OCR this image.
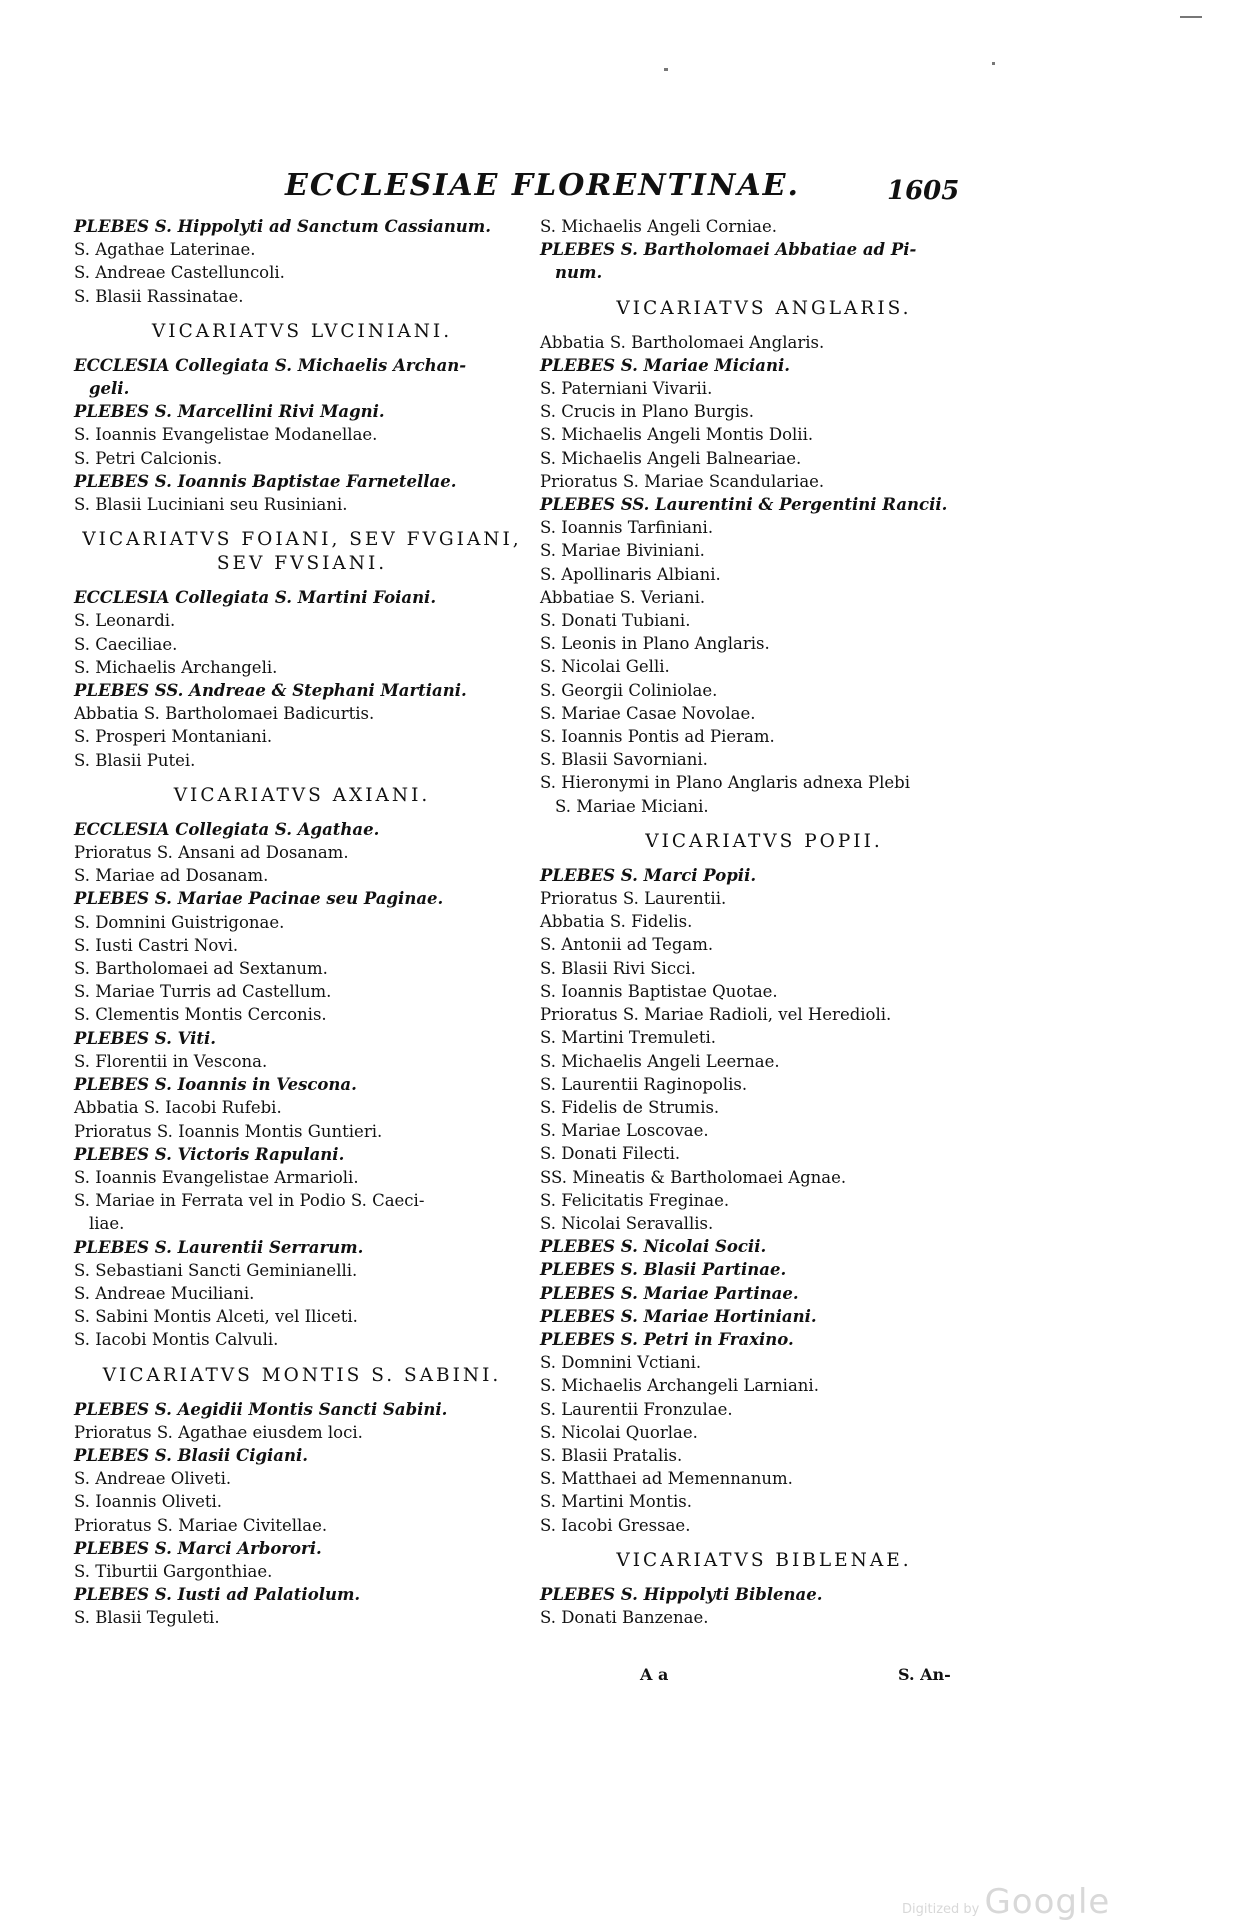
ECCLESIAE FLORENTINAE.	1605
PLEBES S. Hippolyti ad Sanctum Cassianum.
S. Agathae Laterinae.
S. Andreae Castelluncoli.
S. Blasii Rassinatae.
VICARIATVS LVCINIANI.
ECCLESIA Collegiata S. Michaelis Archan-
geli.
PLEBES S. Marcellini Rivi Magni.
S. Ioannis Evangelistae Modanellae.
S. Petri Calcionis.
PLEBES S. Ioannis Baptistae Farnetellae.
S. Blasii Luciniani seu Rusiniani.
VICARIATVS FOIANI, SEV FVGIANI,
SEV FVSIANI.
ECCLESIA Collegiata S. Martini Foiani.
S. Leonardi.
S. Caeciliae.
S. Michaelis Archangeli.
PLEBES SS. Andreae & Stephani Martiani.
Abbatia S. Bartholomaei Badicurtis.
S. Prosperi Montaniani.
S. Blasii Putei.
VICARIATVS AXIANI.
ECCLESIA Collegiata S. Agathae.
Prioratus S. Ansani ad Dosanam.
S. Mariae ad Dosanam.
PLEBES S. Mariae Pacinae seu Paginae.
S. Domnini Guistrigonae.
S. Iusti Castri Novi.
S. Bartholomaei ad Sextanum.
S. Mariae Turris ad Castellum.
S. Clementis Montis Cerconis.
PLEBES S. Viti.
S. Florentii in Vescona.
PLEBES S. Ioannis in Vescona.
Abbatia S. Iacobi Rufebi.
Prioratus S. Ioannis Montis Guntieri.
PLEBES S. Victoris Rapulani.
S. Ioannis Evangelistae Armarioli.
S. Mariae in Ferrata vel in Podio S. Caeci-
liae.
PLEBES S. Laurentii Serrarum.
S. Sebastiani Sancti Geminianelli.
S. Andreae Muciliani.
S. Sabini Montis Alceti, vel Iliceti.
S. Iacobi Montis Calvuli.
VICARIATVS MONTIS S. SABINI.
PLEBES S. Aegidii Montis Sancti Sabini.
Prioratus S. Agathae eiusdem loci.
PLEBES S. Blasii Cigiani.
S. Andreae Oliveti.
S. Ioannis Oliveti.
Prioratus S. Mariae Civitellae.
PLEBES S. Marci Arborori.
S. Tiburtii Gargonthiae.
PLEBES S. Iusti ad Palatiolum.
S. Blasii Teguleti.
S. Michaelis Angeli Corniae.
PLEBES S. Bartholomaei Abbatiae ad Pi-
num.
VICARIATVS ANGLARIS.
Abbatia S. Bartholomaei Anglaris.
PLEBES S. Mariae Miciani.
S. Paterniani Vivarii.
S. Crucis in Plano Burgis.
S. Michaelis Angeli Montis Dolii.
S. Michaelis Angeli Balneariae.
Prioratus S. Mariae Scandulariae.
PLEBES SS. Laurentini & Pergentini Rancii.
S. Ioannis Tarfiniani.
S. Mariae Biviniani.
S. Apollinaris Albiani.
Abbatiae S. Veriani.
S. Donati Tubiani.
S. Leonis in Plano Anglaris.
S. Nicolai Gelli.
S. Georgii Coliniolae.
S. Mariae Casae Novolae.
S. Ioannis Pontis ad Pieram.
S. Blasii Savorniani.
S. Hieronymi in Plano Anglaris adnexa Plebi
S. Mariae Miciani.
VICARIATVS POPII.
PLEBES S. Marci Popii.
Prioratus S. Laurentii.
Abbatia S. Fidelis.
S. Antonii ad Tegam.
S. Blasii Rivi Sicci.
S. Ioannis Baptistae Quotae.
Prioratus S. Mariae Radioli, vel Heredioli.
S. Martini Tremuleti.
S. Michaelis Angeli Leernae.
S. Laurentii Raginopolis.
S. Fidelis de Strumis.
S. Mariae Loscovae.
S. Donati Filecti.
SS. Mineatis & Bartholomaei Agnae.
S. Felicitatis Freginae.
S. Nicolai Seravallis.
PLEBES S. Nicolai Socii.
PLEBES S. Blasii Partinae.
PLEBES S. Mariae Partinae.
PLEBES S. Mariae Hortiniani.
PLEBES S. Petri in Fraxino.
S. Domnini Vctiani.
S. Michaelis Archangeli Larniani.
S. Laurentii Fronzulae.
S. Nicolai Quorlae.
S. Blasii Pratalis.
S. Matthaei ad Memennanum.
S. Martini Montis.
S. Iacobi Gressae.
VICARIATVS BIBLENAE.
PLEBES S. Hippolyti Biblenae.
S. Donati Banzenae.
A a	S. An-
Digitized by Google
